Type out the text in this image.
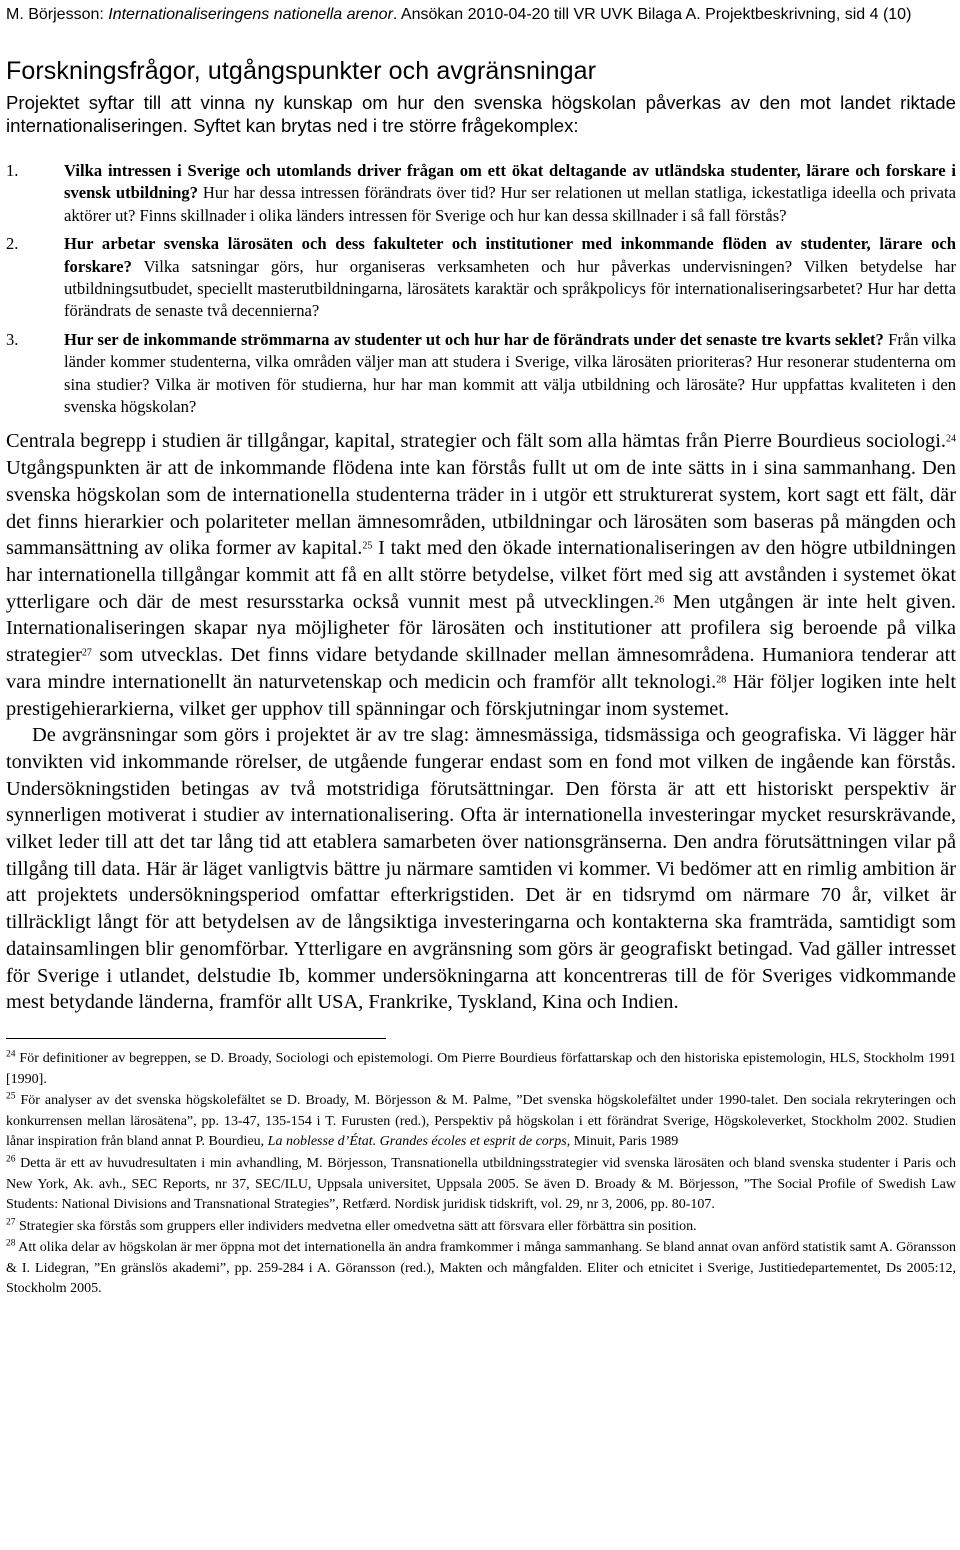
M. Börjesson: Internationaliseringens nationella arenor. Ansökan 2010-04-20 till VR UVK Bilaga A. Projektbeskrivning, sid 4 (10)
Forskningsfrågor, utgångspunkter och avgränsningar
Projektet syftar till att vinna ny kunskap om hur den svenska högskolan påverkas av den mot landet riktade internationaliseringen. Syftet kan brytas ned i tre större frågekomplex:
1.	Vilka intressen i Sverige och utomlands driver frågan om ett ökat deltagande av utländska studenter, lärare och forskare i svensk utbildning? Hur har dessa intressen förändrats över tid? Hur ser relationen ut mellan statliga, ickestatliga ideella och privata aktörer ut? Finns skillnader i olika länders intressen för Sverige och hur kan dessa skillnader i så fall förstås?
2.	Hur arbetar svenska lärosäten och dess fakulteter och institutioner med inkommande flöden av studenter, lärare och forskare? Vilka satsningar görs, hur organiseras verksamheten och hur påverkas undervisningen? Vilken betydelse har utbildningsutbudet, speciellt masterutbildningarna, lärosätets karaktär och språkpolicys för internationaliseringsarbetet? Hur har detta förändrats de senaste två decennierna?
3.	Hur ser de inkommande strömmarna av studenter ut och hur har de förändrats under det senaste tre kvarts seklet? Från vilka länder kommer studenterna, vilka områden väljer man att studera i Sverige, vilka lärosäten prioriteras? Hur resonerar studenterna om sina studier? Vilka är motiven för studierna, hur har man kommit att välja utbildning och lärosäte? Hur uppfattas kvaliteten i den svenska högskolan?

Centrala begrepp i studien är tillgångar, kapital, strategier och fält som alla hämtas från Pierre Bourdieus sociologi.$^{24}$ Utgångspunkten är att de inkommande flödena inte kan förstås fullt ut om de inte sätts in i sina sammanhang. Den svenska högskolan som de internationella studenterna träder in i utgör ett strukturerat system, kort sagt ett fält, där det finns hierarkier och polariteter mellan ämnesområden, utbildningar och lärosäten som baseras på mängden och sammansättning av olika former av kapital.$^{25}$ I takt med den ökade internationaliseringen av den högre utbildningen har internationella tillgångar kommit att få en allt större betydelse, vilket fört med sig att avstånden i systemet ökat ytterligare och där de mest resursstarka också vunnit mest på utvecklingen.$^{26}$ Men utgången är inte helt given. Internationaliseringen skapar nya möjligheter för lärosäten och institutioner att profilera sig beroende på vilka strategier$^{27}$ som utvecklas. Det finns vidare betydande skillnader mellan ämnesområdena. Humaniora tenderar att vara mindre internationellt än naturvetenskap och medicin och framför allt teknologi.$^{28}$ Här följer logiken inte helt prestigehierarkierna, vilket ger upphov till spänningar och förskjutningar inom systemet.

De avgränsningar som görs i projektet är av tre slag: ämnesmässiga, tidsmässiga och geografiska. Vi lägger här tonvikten vid inkommande rörelser, de utgående fungerar endast som en fond mot vilken de ingående kan förstås. Undersökningstiden betingas av två motstridiga förutsättningar. Den första är att ett historiskt perspektiv är synnerligen motiverat i studier av internationalisering. Ofta är internationella investeringar mycket resurskrävande, vilket leder till att det tar lång tid att etablera samarbeten över nationsgränserna. Den andra förutsättningen vilar på tillgång till data. Här är läget vanligtvis bättre ju närmare samtiden vi kommer. Vi bedömer att en rimlig ambition är att projektets undersökningsperiod omfattar efterkrigstiden. Det är en tidsrymd om närmare 70 år, vilket är tillräckligt långt för att betydelsen av de långsiktiga investeringarna och kontakterna ska framträda, samtidigt som datainsamlingen blir genomförbar. Ytterligare en avgränsning som görs är geografiskt betingad. Vad gäller intresset för Sverige i utlandet, delstudie Ib, kommer undersökningarna att koncentreras till de för Sveriges vidkommande mest betydande länderna, framför allt USA, Frankrike, Tyskland, Kina och Indien.

$^{24}$ För definitioner av begreppen, se D. Broady, Sociologi och epistemologi. Om Pierre Bourdieus författarskap och den historiska epistemologin, HLS, Stockholm 1991 [1990].

$^{25}$ För analyser av det svenska högskolefältet se D. Broady, M. Börjesson & M. Palme, ”Det svenska högskolefältet under 1990-talet. Den sociala rekryteringen och konkurrensen mellan lärosätena”, pp. 13-47, 135-154 i T. Furusten (red.), Perspektiv på högskolan i ett förändrat Sverige, Högskoleverket, Stockholm 2002. Studien lånar inspiration från bland annat P. Bourdieu, La noblesse d’État. Grandes écoles et esprit de corps, Minuit, Paris 1989

$^{26}$ Detta är ett av huvudresultaten i min avhandling, M. Börjesson, Transnationella utbildningsstrategier vid svenska lärosäten och bland svenska studenter i Paris och New York, Ak. avh., SEC Reports, nr 37, SEC/ILU, Uppsala universitet, Uppsala 2005. Se även D. Broady & M. Börjesson, ”The Social Profile of Swedish Law Students: National Divisions and Transnational Strategies”, Retfærd. Nordisk juridisk tidskrift, vol. 29, nr 3, 2006, pp. 80-107.

$^{27}$ Strategier ska förstås som gruppers eller individers medvetna eller omedvetna sätt att försvara eller förbättra sin position.

$^{28}$ Att olika delar av högskolan är mer öppna mot det internationella än andra framkommer i många sammanhang. Se bland annat ovan anförd statistik samt A. Göransson & I. Lidegran, ”En gränslös akademi”, pp. 259-284 i A. Göransson (red.), Makten och mångfalden. Eliter och etnicitet i Sverige, Justitiedepartementet, Ds 2005:12, Stockholm 2005.
